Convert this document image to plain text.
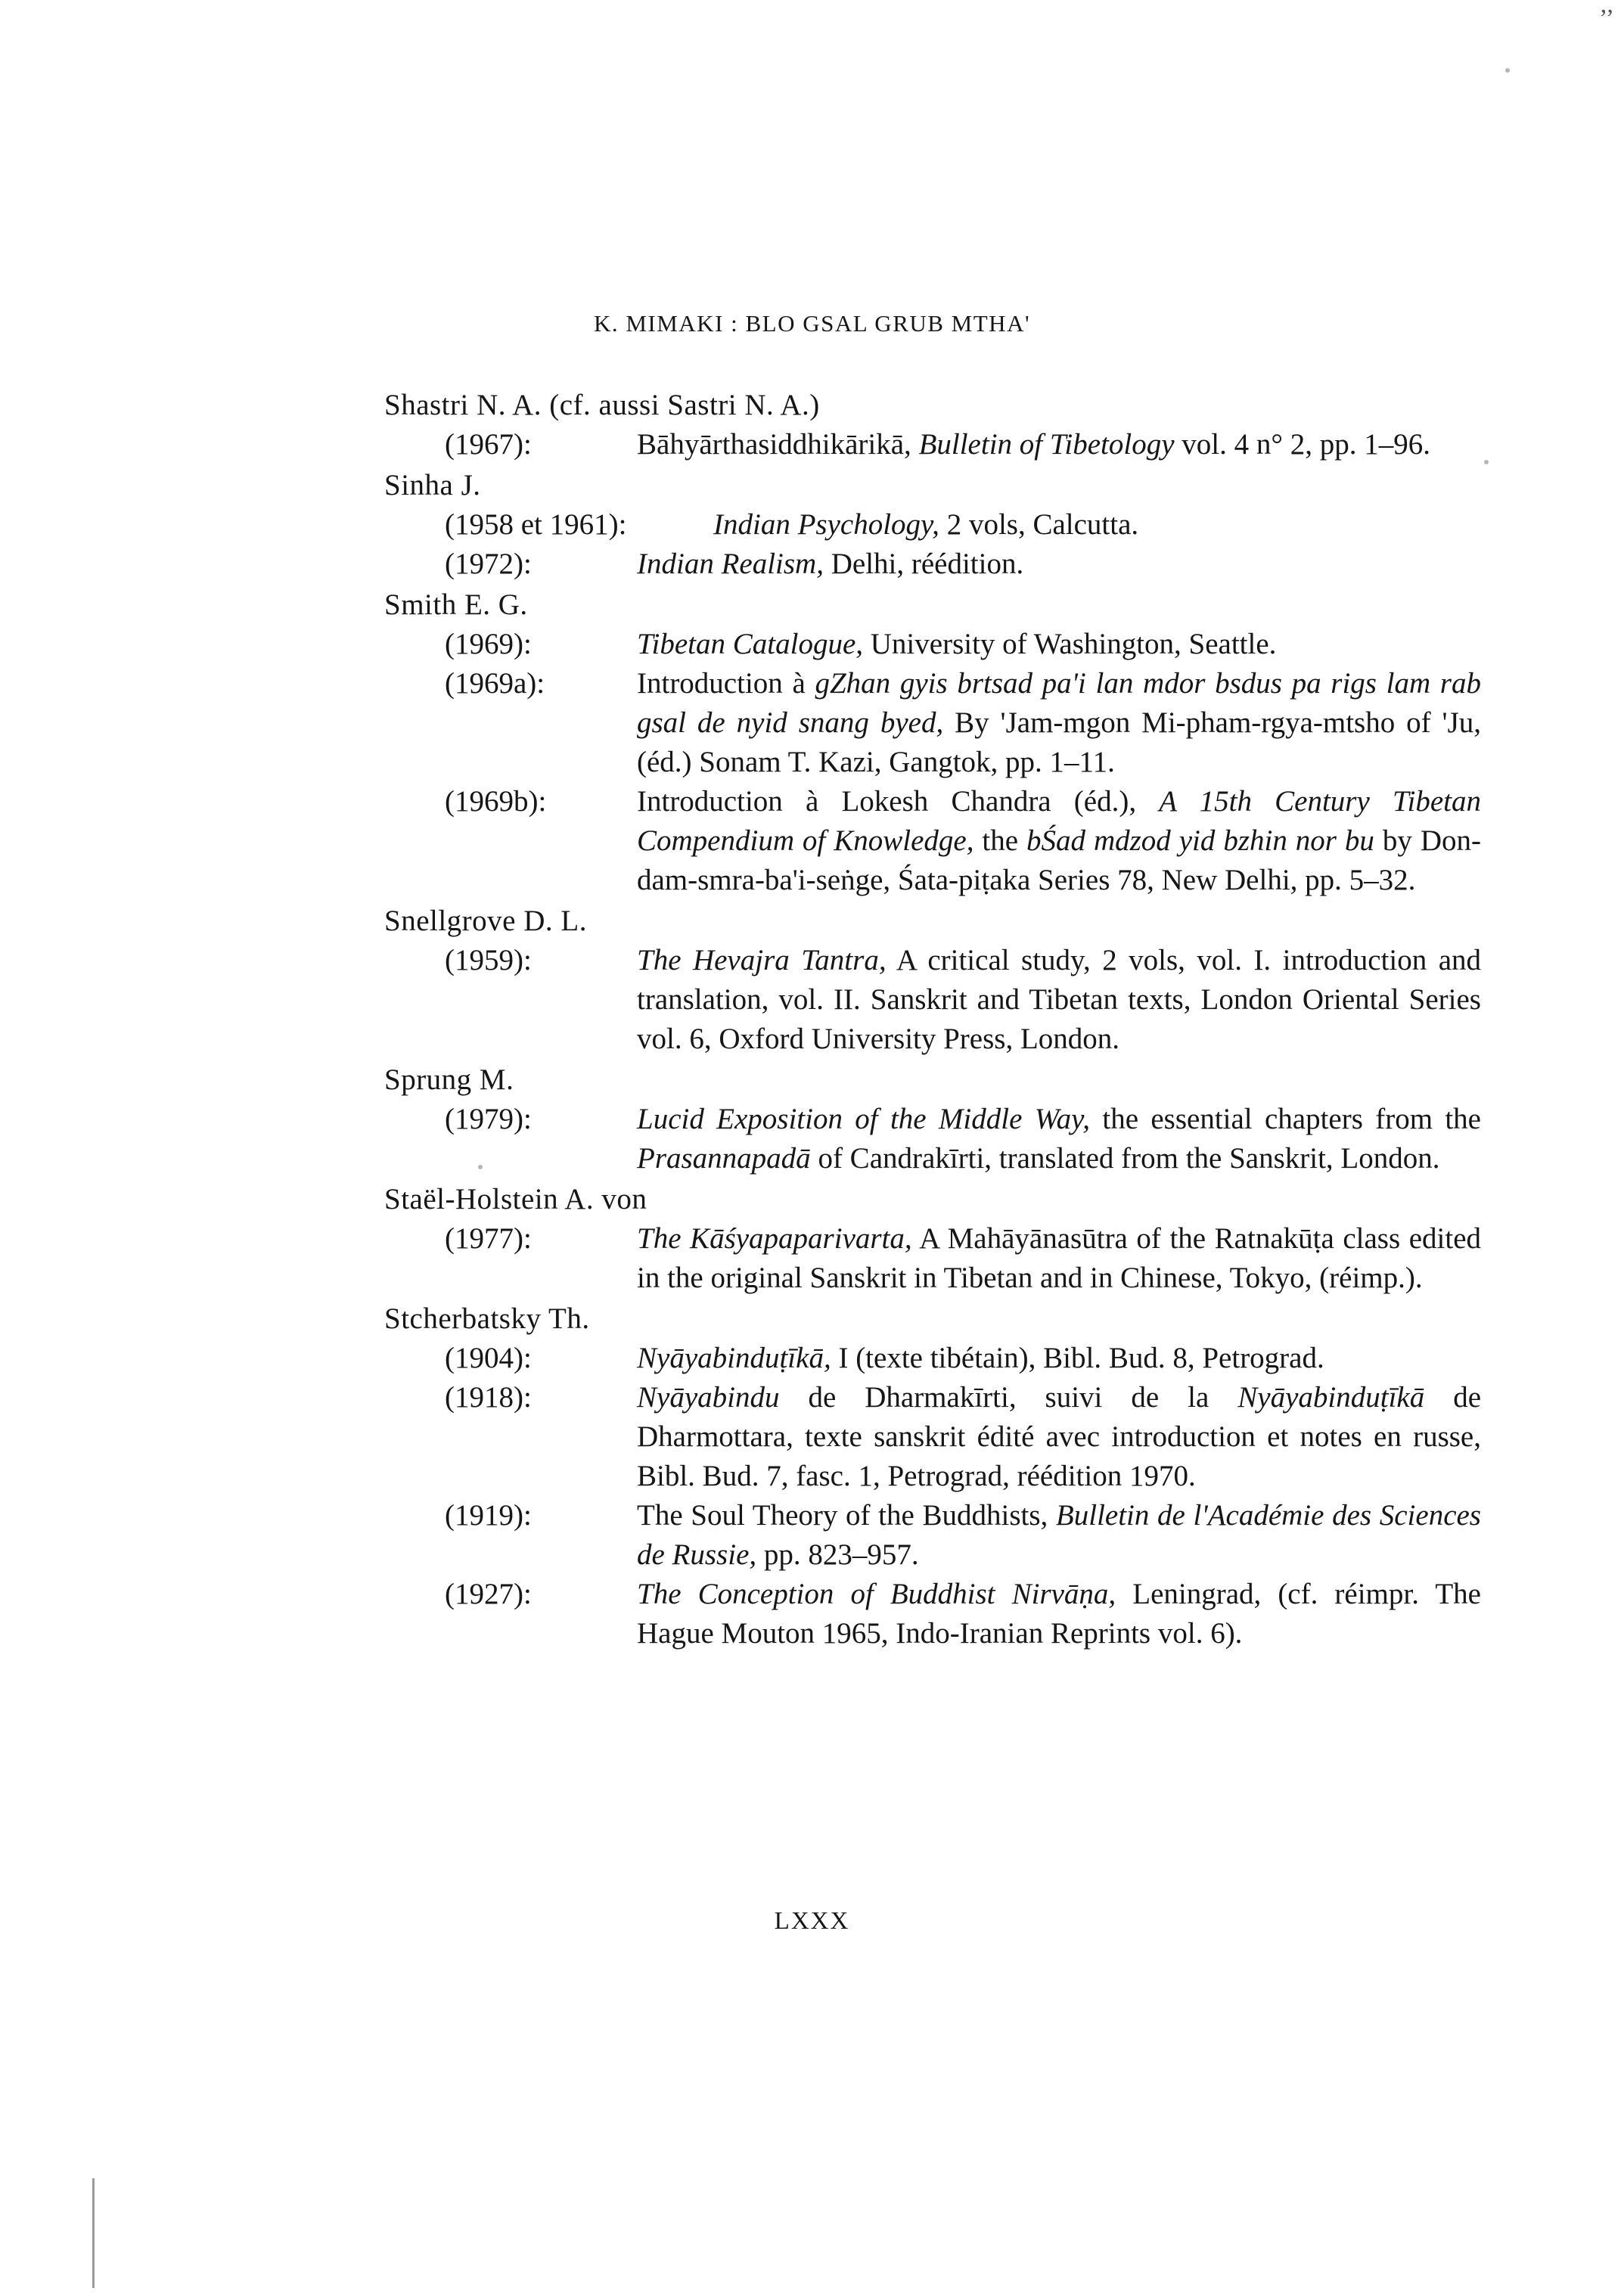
’’
K. MIMAKI : BLO GSAL GRUB MTHA'
Shastri N. A. (cf. aussi Sastri N. A.)
(1967):	Bāhyārthasiddhikārikā, Bulletin of Tibetology vol. 4 n° 2, pp. 1–96.
Sinha J.
(1958 et 1961):	Indian Psychology, 2 vols, Calcutta.
(1972):	Indian Realism, Delhi, réédition.
Smith E. G.
(1969):	Tibetan Catalogue, University of Washington, Seattle.
(1969a):	Introduction à gZhan gyis brtsad pa'i lan mdor bsdus pa rigs lam rab gsal de nyid snang byed, By 'Jam-mgon Mi-pham-rgya-mtsho of 'Ju, (éd.) Sonam T. Kazi, Gangtok, pp. 1–11.
(1969b):	Introduction à Lokesh Chandra (éd.), A 15th Century Tibetan Compendium of Knowledge, the bŚad mdzod yid bzhin nor bu by Don-dam-smra-ba'i-seṅge, Śata-piṭaka Series 78, New Delhi, pp. 5–32.
Snellgrove D. L.
(1959):	The Hevajra Tantra, A critical study, 2 vols, vol. I. introduction and translation, vol. II. Sanskrit and Tibetan texts, London Oriental Series vol. 6, Oxford University Press, London.
Sprung M.
(1979):	Lucid Exposition of the Middle Way, the essential chapters from the Prasannapadā of Candrakīrti, translated from the Sanskrit, London.
Staël-Holstein A. von
(1977):	The Kāśyapaparivarta, A Mahāyānasūtra of the Ratnakūṭa class edited in the original Sanskrit in Tibetan and in Chinese, Tokyo, (réimp.).
Stcherbatsky Th.
(1904):	Nyāyabinduṭīkā, I (texte tibétain), Bibl. Bud. 8, Petrograd.
(1918):	Nyāyabindu de Dharmakīrti, suivi de la Nyāyabinduṭīkā de Dharmottara, texte sanskrit édité avec introduction et notes en russe, Bibl. Bud. 7, fasc. 1, Petrograd, réédition 1970.
(1919):	The Soul Theory of the Buddhists, Bulletin de l'Académie des Sciences de Russie, pp. 823–957.
(1927):	The Conception of Buddhist Nirvāṇa, Leningrad, (cf. réimpr. The Hague Mouton 1965, Indo-Iranian Reprints vol. 6).
LXXX
